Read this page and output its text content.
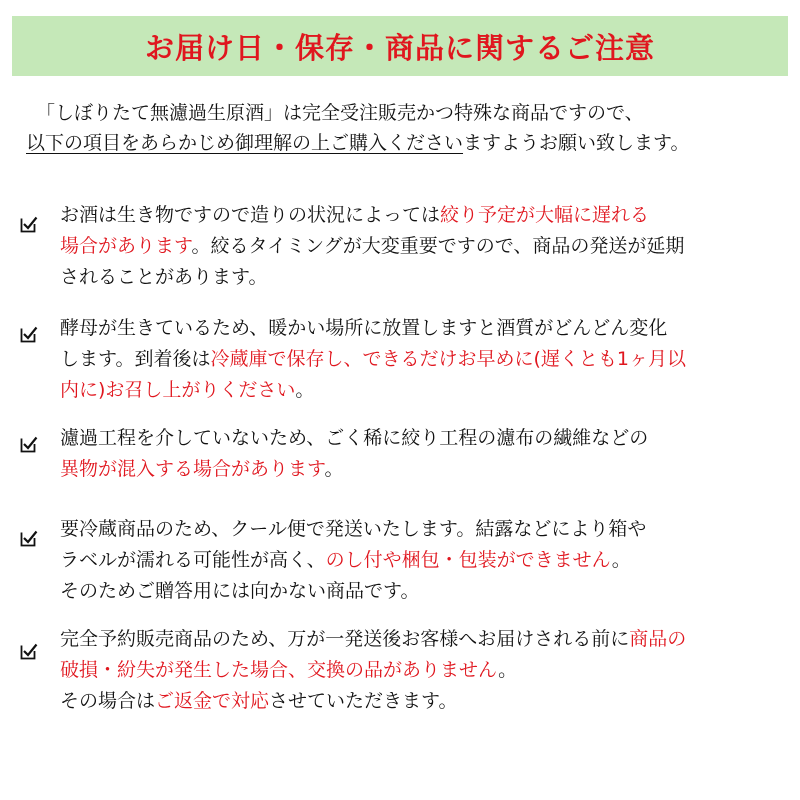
お届け日・保存・商品に関するご注意
「しぼりたて無濾過生原酒」は完全受注販売かつ特殊な商品ですので、
以下の項目をあらかじめ御理解の上ご購入くださいますようお願い致します。
お酒は生き物ですので造りの状況によっては絞り予定が大幅に遅れる
場合があります。絞るタイミングが大変重要ですので、商品の発送が延期
されることがあります。
酵母が生きているため、暖かい場所に放置しますと酒質がどんどん変化
します。到着後は冷蔵庫で保存し、できるだけお早めに(遅くとも1ヶ月以
内に)お召し上がりください。
濾過工程を介していないため、ごく稀に絞り工程の濾布の繊維などの
異物が混入する場合があります。
要冷蔵商品のため、クール便で発送いたします。結露などにより箱や
ラベルが濡れる可能性が高く、のし付や梱包・包装ができません。
そのためご贈答用には向かない商品です。
完全予約販売商品のため、万が一発送後お客様へお届けされる前に商品の
破損・紛失が発生した場合、交換の品がありません。
その場合はご返金で対応させていただきます。
